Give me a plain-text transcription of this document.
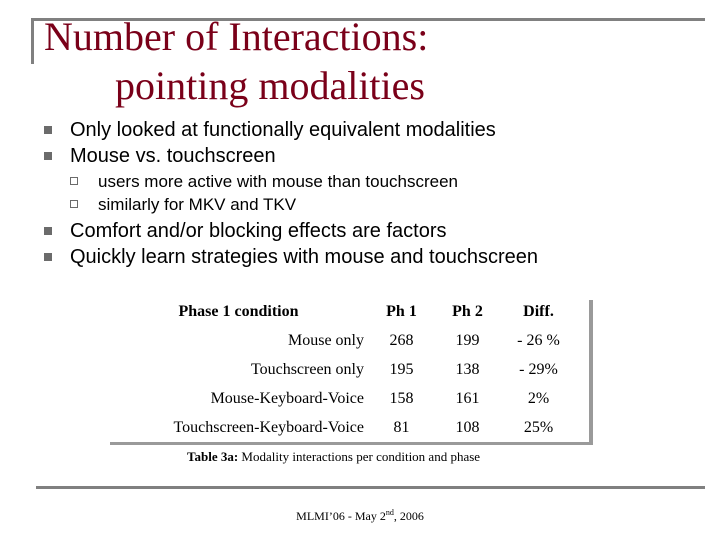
Number of Interactions:
pointing modalities
Only looked at functionally equivalent modalities
Mouse vs. touchscreen
users more active with mouse than touchscreen
similarly for MKV and TKV
Comfort and/or blocking effects are factors
Quickly learn strategies with mouse and touchscreen
Phase 1 condition	Ph 1	Ph 2	Diff.
Mouse only	268	199	- 26 %
Touchscreen only	195	138	- 29%
Mouse-Keyboard-Voice	158	161	2%
Touchscreen-Keyboard-Voice	81	108	25%
Table 3a: Modality interactions per condition and phase
MLMI’06 - May 2nd, 2006
